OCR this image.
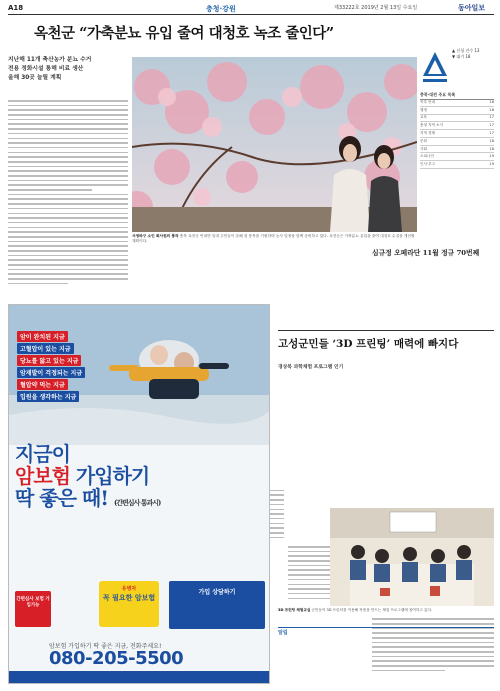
A18	충청·강원	제33222호 2019년 2월 13일 수요일	동아일보
옥천군 “가축분뇨 유입 줄여 대청호 녹조 줄인다”
지난해 11개 축산농가 분뇨 수거
전용 정화시설 통해 비료 생산
올해 30곳 늘릴 계획
서생바구 소인 회사원의 풍작 충북 옥천군 안내면 일대 주민들이 올해 첫 풍작을 기원하며 농사 일정을 함께 준비하고 있다. 옥천군은 가축분뇨 유입을 줄여 대청호 수질을 개선할 계획이다.
▲ 신청 건수 13
▼ 대기 18
충북·대전 주요 목록
목록 안내	16
행정	16
교육	17
충청 지역 소식	17
지역 경제	17
문화	18
사회	18
오피니언	19
인사·부고	19
심규정 오페라단 11월 정규 70번째
고성군민들 ‘3D 프린팅’ 매력에 빠지다
경상북 과학체험 프로그램 인기
3D 프린팅 체험교실 군민들이 3D 프린터를 이용해 작품을 만드는 체험 프로그램에 참여하고 있다.
알림
암이 완치된 지금
고혈압이 있는 지금
당뇨를 앓고 있는 지금
암재발이 걱정되는 지금
혈압약 먹는 지금
입원을 생각하는 지금
지금이
암보험 가입하기
딱 좋은 때! (간편심사 통과시)
간편심사 보험 가입가능
유병자
꼭 필요한 암보험
가입 상담하기
암보험 가입하기 딱 좋은 지금, 전화주세요!
080-205-5500
